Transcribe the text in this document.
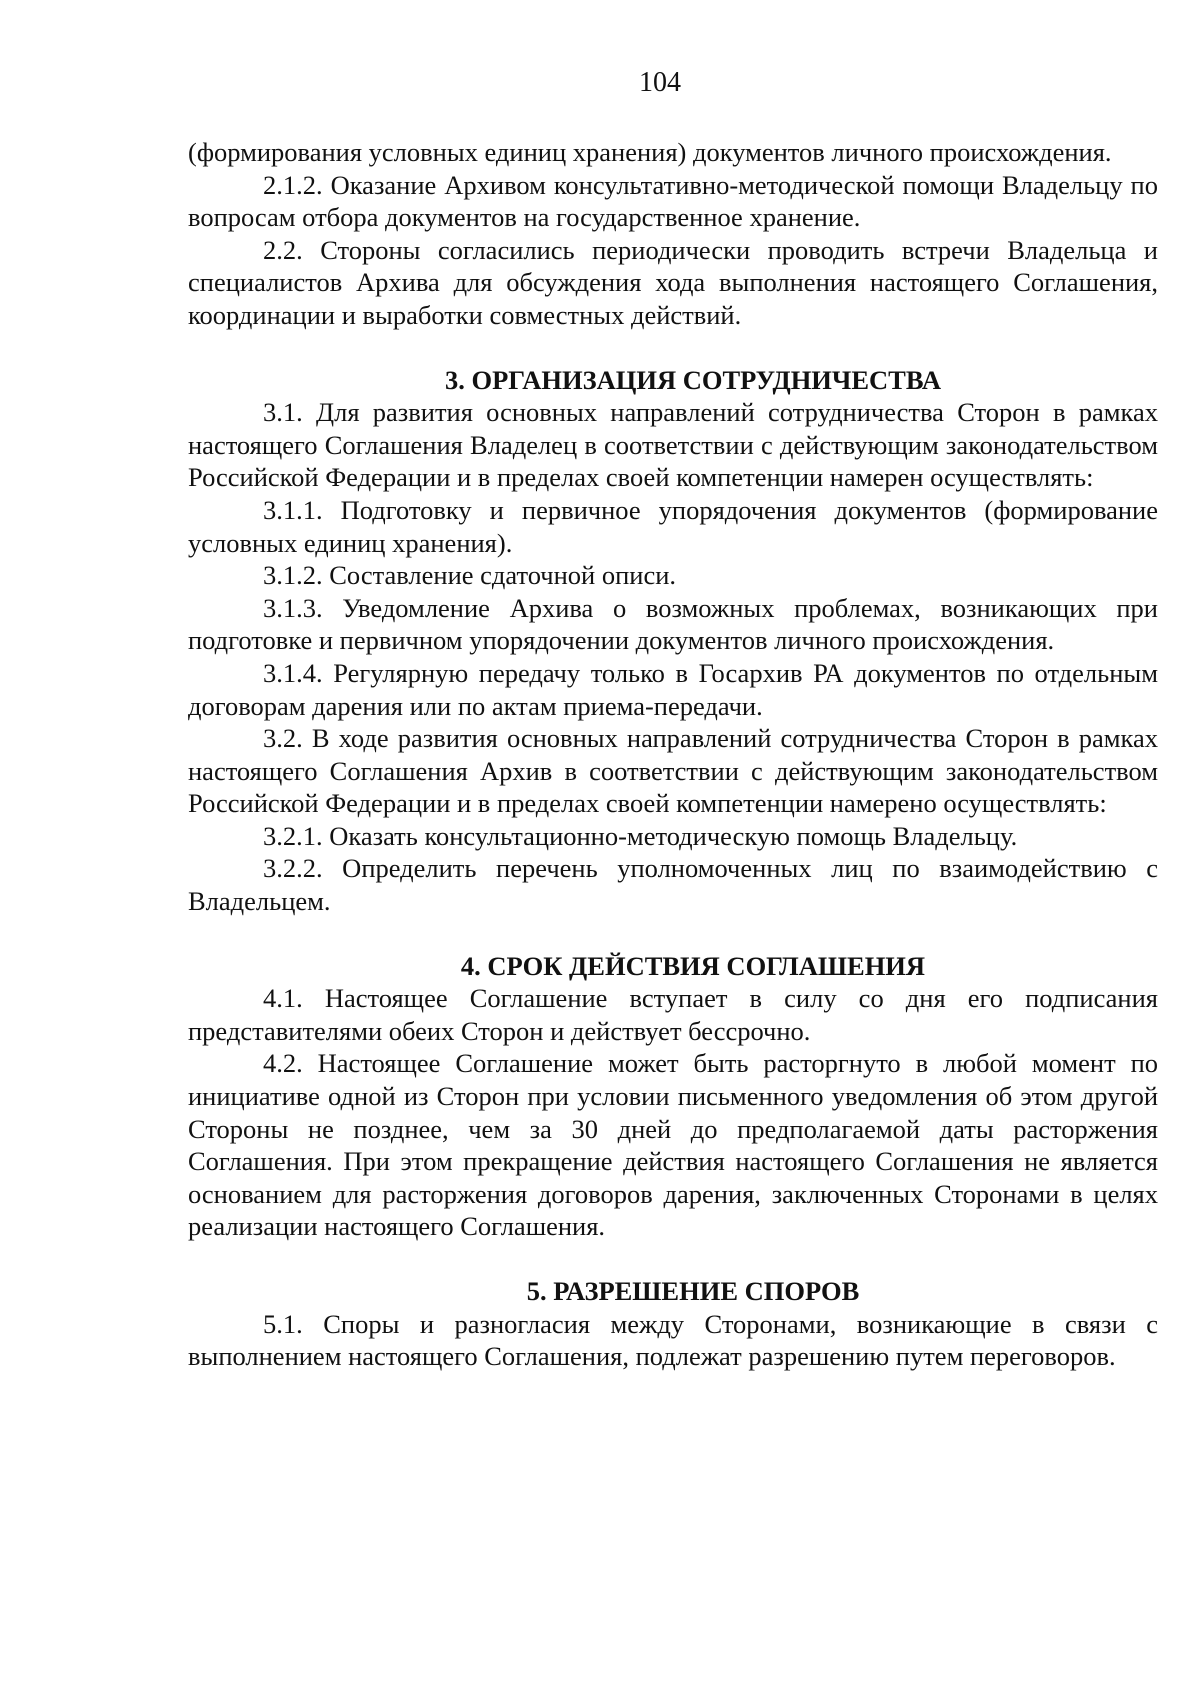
104

(формирования условных единиц хранения) документов личного происхождения.

2.1.2. Оказание Архивом консультативно-методической помощи Владельцу по вопросам отбора документов на государственное хранение.

2.2. Стороны согласились периодически проводить встречи Владельца и специалистов Архива для обсуждения хода выполнения настоящего Соглашения, координации и выработки совместных действий.

3. ОРГАНИЗАЦИЯ СОТРУДНИЧЕСТВА

3.1. Для развития основных направлений сотрудничества Сторон в рамках настоящего Соглашения Владелец в соответствии с действующим законодательством Российской Федерации и в пределах своей компетенции намерен осуществлять:

3.1.1. Подготовку и первичное упорядочения документов (формирование условных единиц хранения).

3.1.2. Составление сдаточной описи.

3.1.3. Уведомление Архива о возможных проблемах, возникающих при подготовке и первичном упорядочении документов личного происхождения.

3.1.4. Регулярную передачу только в Госархив РА документов по отдельным договорам дарения или по актам приема-передачи.

3.2. В ходе развития основных направлений сотрудничества Сторон в рамках настоящего Соглашения Архив в соответствии с действующим законодательством Российской Федерации и в пределах своей компетенции намерено осуществлять:

3.2.1. Оказать консультационно-методическую помощь Владельцу.

3.2.2. Определить перечень уполномоченных лиц по взаимодействию с Владельцем.

4. СРОК ДЕЙСТВИЯ СОГЛАШЕНИЯ

4.1. Настоящее Соглашение вступает в силу со дня его подписания представителями обеих Сторон и действует бессрочно.

4.2. Настоящее Соглашение может быть расторгнуто в любой момент по инициативе одной из Сторон при условии письменного уведомления об этом другой Стороны не позднее, чем за 30 дней до предполагаемой даты расторжения Соглашения. При этом прекращение действия настоящего Соглашения не является основанием для расторжения договоров дарения, заключенных Сторонами в целях реализации настоящего Соглашения.

5. РАЗРЕШЕНИЕ СПОРОВ

5.1. Споры и разногласия между Сторонами, возникающие в связи с выполнением настоящего Соглашения, подлежат разрешению путем переговоров.
